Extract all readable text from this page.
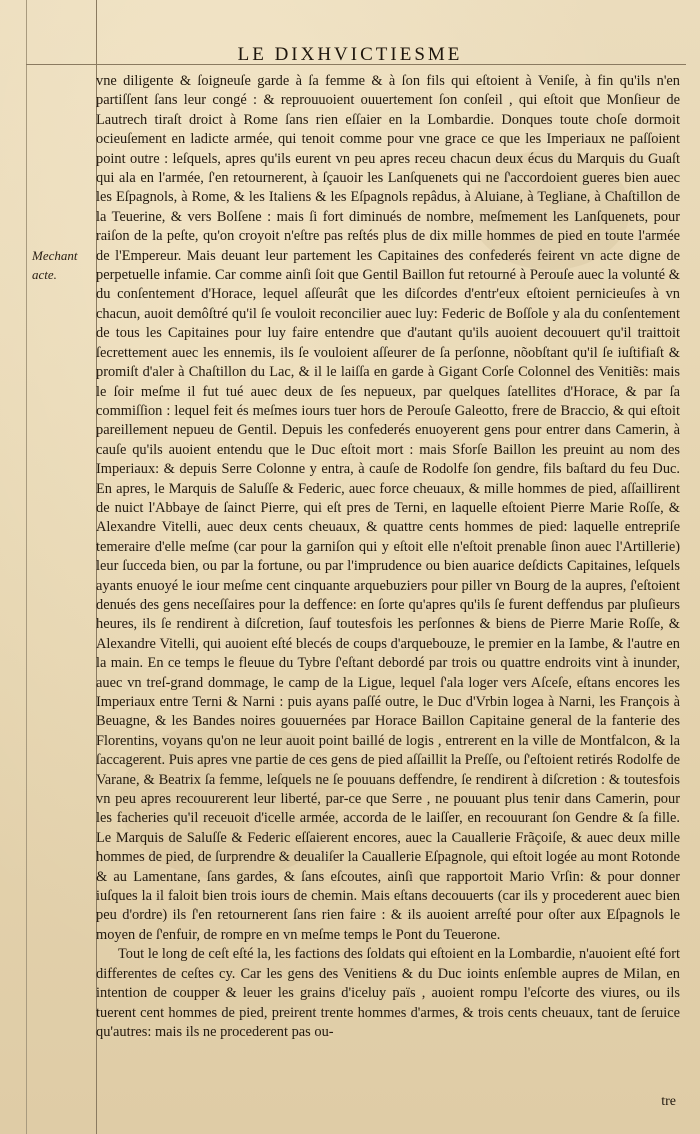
LE DIXHVICTIESME
Mechant acte.

vne diligente & ſoigneuſe garde à ſa femme & à ſon fils qui eſtoient à Veniſe, à fin qu'ils n'en partiſſent ſans leur congé : & reprouuoient ouuertement ſon conſeil , qui eſtoit que Monſieur de Lautrech tiraſt droict à Rome ſans rien eſſaier en la Lombardie. Donques toute choſe dormoit ocieuſement en ladicte armée, qui tenoit comme pour vne grace ce que les Imperiaux ne paſſoient point outre : leſquels, apres qu'ils eurent vn peu apres receu chacun deux écus du Marquis du Guaſt qui ala en l'armée, ſ'en retournerent, à ſçauoir les Lanſquenets qui ne ſ'accordoient gueres bien auec les Eſpagnols, à Rome, & les Italiens & les Eſpagnols repâdus, à Aluiane, à Tegliane, à Chaſtillon de la Teuerine, & vers Bolſene : mais ſi fort diminués de nombre, meſmement les Lanſquenets, pour raiſon de la peſte, qu'on croyoit n'eſtre pas reſtés plus de dix mille hommes de pied en toute l'armée de l'Empereur. Mais deuant leur partement les Capitaines des confederés feirent vn acte digne de perpetuelle infamie. Car comme ainſi ſoit que Gentil Baillon fut retourné à Perouſe auec la volunté & du conſentement d'Horace, lequel aſſeurât que les diſcordes d'entr'eux eſtoient pernicieuſes à vn chacun, auoit demôſtré qu'il ſe vouloit reconcilier auec luy: Federic de Boſſole y ala du conſentement de tous les Capitaines pour luy faire entendre que d'autant qu'ils auoient decouuert qu'il traittoit ſecrettement auec les ennemis, ils ſe vouloient aſſeurer de ſa perſonne, nõobſtant qu'il ſe iuſtifiaſt & promiſt d'aler à Chaſtillon du Lac, & il le laiſſa en garde à Gigant Corſe Colonnel des Venitiẽs: mais le ſoir meſme il fut tué auec deux de ſes nepueux, par quelques ſatellites d'Horace, & par ſa commiſſion : lequel feit és meſmes iours tuer hors de Perouſe Galeotto, frere de Braccio, & qui eſtoit pareillement nepueu de Gentil. Depuis les confederés enuoyerent gens pour entrer dans Camerin, à cauſe qu'ils auoient entendu que le Duc eſtoit mort : mais Sforſe Baillon les preuint au nom des Imperiaux: & depuis Serre Colonne y entra, à cauſe de Rodolfe ſon gendre, fils baſtard du feu Duc. En apres, le Marquis de Saluſſe & Federic, auec force cheuaux, & mille hommes de pied, aſſaillirent de nuict l'Abbaye de ſainct Pierre, qui eſt pres de Terni, en laquelle eſtoient Pierre Marie Roſſe, & Alexandre Vitelli, auec deux cents cheuaux, & quattre cents hommes de pied: laquelle entrepriſe temeraire d'elle meſme (car pour la garniſon qui y eſtoit elle n'eſtoit prenable ſinon auec l'Artillerie) leur ſucceda bien, ou par la fortune, ou par l'imprudence ou bien auarice deſdicts Capitaines, leſquels ayants enuoyé le iour meſme cent cinquante arquebuziers pour piller vn Bourg de la aupres, ſ'eſtoient denués des gens neceſſaires pour la deffence: en ſorte qu'apres qu'ils ſe furent deffendus par pluſieurs heures, ils ſe rendirent à diſcretion, ſauf toutesfois les perſonnes & biens de Pierre Marie Roſſe, & Alexandre Vitelli, qui auoient eſté blecés de coups d'arquebouze, le premier en la Iambe, & l'autre en la main. En ce temps le fleuue du Tybre ſ'eſtant debordé par trois ou quattre endroits vint à inunder, auec vn treſ-grand dommage, le camp de la Ligue, lequel ſ'ala loger vers Aſceſe, eſtans encores les Imperiaux entre Terni & Narni : puis ayans paſſé outre, le Duc d'Vrbin logea à Narni, les François à Beuagne, & les Bandes noires gouuernées par Horace Baillon Capitaine general de la fanterie des Florentins, voyans qu'on ne leur auoit point baillé de logis , entrerent en la ville de Montfalcon, & la ſaccagerent. Puis apres vne partie de ces gens de pied aſſaillit la Preſſe, ou ſ'eſtoient retirés Rodolfe de Varane, & Beatrix ſa femme, leſquels ne ſe pouuans deffendre, ſe rendirent à diſcretion : & toutesfois vn peu apres recouurerent leur liberté, par-ce que Serre , ne pouuant plus tenir dans Camerin, pour les facheries qu'il receuoit d'icelle armée, accorda de le laiſſer, en recouurant ſon Gendre & ſa fille. Le Marquis de Saluſſe & Federic eſſaierent encores, auec la Cauallerie Frãçoiſe, & auec deux mille hommes de pied, de ſurprendre & deualiſer la Cauallerie Eſpagnole, qui eſtoit logée au mont Rotonde & au Lamentane, ſans gardes, & ſans eſcoutes, ainſi que rapportoit Mario Vrſin: & pour donner iuſques la il faloit bien trois iours de chemin. Mais eſtans decouuerts (car ils y procederent auec bien peu d'ordre) ils ſ'en retournerent ſans rien faire : & ils auoient arreſté pour oſter aux Eſpagnols le moyen de ſ'enfuir, de rompre en vn meſme temps le Pont du Teuerone.

Tout le long de ceſt eſté la, les factions des ſoldats qui eſtoient en la Lombardie, n'auoient eſté fort differentes de ceſtes cy. Car les gens des Venitiens & du Duc ioints enſemble aupres de Milan, en intention de coupper & leuer les grains d'iceluy païs , auoient rompu l'eſcorte des viures, ou ils tuerent cent hommes de pied, preirent trente hommes d'armes, & trois cents cheuaux, tant de ſeruice qu'autres: mais ils ne procederent pas ou-

tre
